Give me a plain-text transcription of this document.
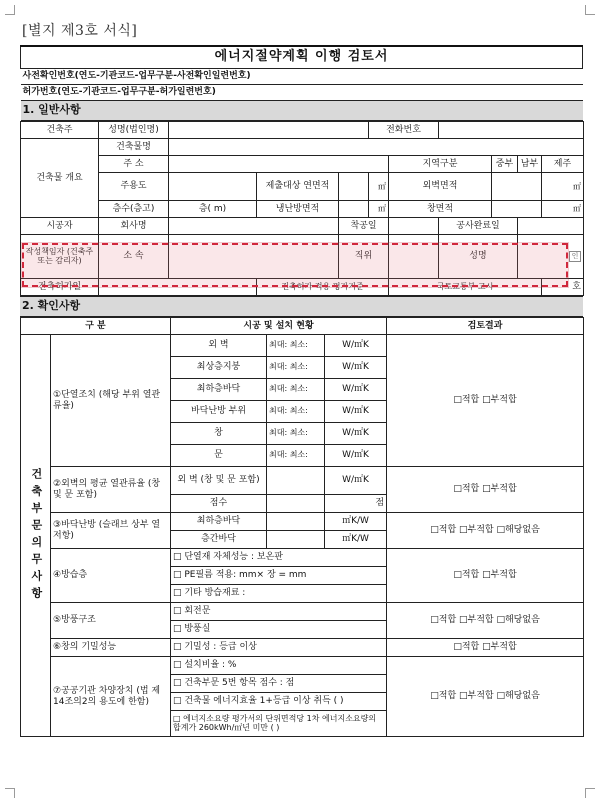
[별지 제3호 서식]
에너지절약계획 이행 검토서
사전확인번호(연도-기관코드-업무구분-사전확인일련번호)
허가번호(연도-기관코드-업무구분-허가일련번호)
1. 일반사항
건축주	성명(법인명)				전화번호					
건축물 개요	건축물명									
	주 소					지역구분		중부	남부	제주
	주용도		제출대상 연면적		㎡	외벽면적				㎡
	층수(층고)	층( m)	냉난방면적		㎡	창면적				㎡
시공자	회사명			착공일			공사완료일			
작성책임자 (건축주 또는 감리자)	소 속			직위			성명		인	
건축허가일			건축허가 적용 평가기준			국토교통부 고시				호
2. 확인사항
구 분		시공 및 설치 현황			검토결과
건축부문의무사항	①단열조치 (해당 부위 열관류율)	외 벽	최대: 최소:	W/㎡K	□적합 □부적합
		최상층지붕	최대: 최소:	W/㎡K	
		최하층바닥	최대: 최소:	W/㎡K	
		바닥난방 부위	최대: 최소:	W/㎡K	
		창	최대: 최소:	W/㎡K	
		문	최대: 최소:	W/㎡K	
	②외벽의 평균 열관류율 (창 및 문 포함)	외 벽 (창 및 문 포함)		W/㎡K	□적합 □부적합
		점수		점	
	③바닥난방 (슬래브 상부 열저항)	최하층바닥		㎡K/W	□적합 □부적합 □해당없음
		층간바닥		㎡K/W	
	④방습층	□ 단열재 자체성능 : 보온판			□적합 □부적합
		□ PE필름 적용: mm× 장 = mm			
		□ 기타 방습재료 :			
	⑤방풍구조	□ 회전문			□적합 □부적합 □해당없음
		□ 방풍실			
	⑥창의 기밀성능	□ 기밀성 : 등급 이상			□적합 □부적합
	⑦공공기관 차양장치 (법 제14조의2의 용도에 한함)	□ 설치비율 : %			□적합 □부적합 □해당없음
		□ 건축부문 5번 항목 점수 : 점			
		□ 건축물 에너지효율 1+등급 이상 취득 ( )			
		□ 에너지소요량 평가서의 단위면적당 1차 에너지소요량의 합계가 260kWh/㎡년 미만 ( )			
